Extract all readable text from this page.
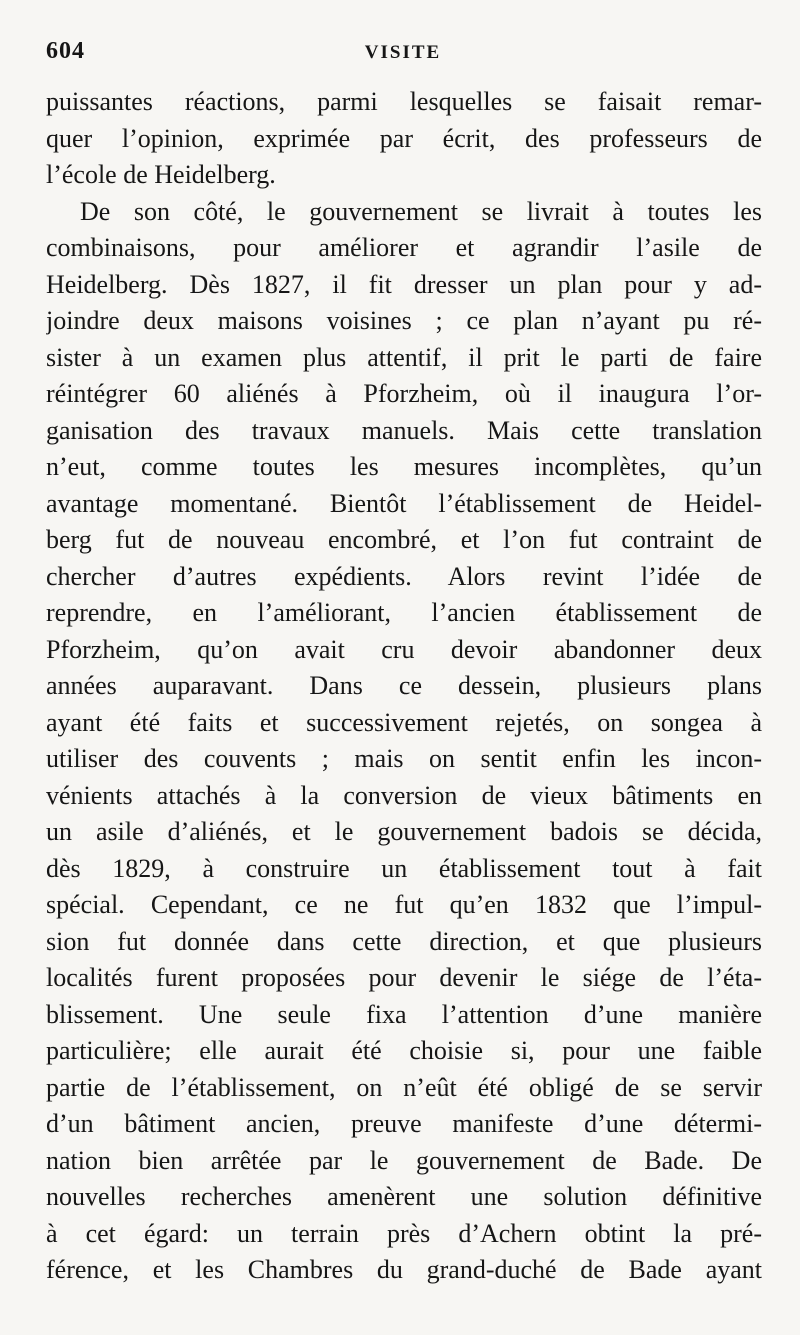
604	VISITE
puissantes réactions, parmi lesquelles se faisait remar-
quer l’opinion, exprimée par écrit, des professeurs de
l’école de Heidelberg.
De son côté, le gouvernement se livrait à toutes les
combinaisons, pour améliorer et agrandir l’asile de
Heidelberg. Dès 1827, il fit dresser un plan pour y ad-
joindre deux maisons voisines ; ce plan n’ayant pu ré-
sister à un examen plus attentif, il prit le parti de faire
réintégrer 60 aliénés à Pforzheim, où il inaugura l’or-
ganisation des travaux manuels. Mais cette translation
n’eut, comme toutes les mesures incomplètes, qu’un
avantage momentané. Bientôt l’établissement de Heidel-
berg fut de nouveau encombré, et l’on fut contraint de
chercher d’autres expédients. Alors revint l’idée de
reprendre, en l’améliorant, l’ancien établissement de
Pforzheim, qu’on avait cru devoir abandonner deux
années auparavant. Dans ce dessein, plusieurs plans
ayant été faits et successivement rejetés, on songea à
utiliser des couvents ; mais on sentit enfin les incon-
vénients attachés à la conversion de vieux bâtiments en
un asile d’aliénés, et le gouvernement badois se décida,
dès 1829, à construire un établissement tout à fait
spécial. Cependant, ce ne fut qu’en 1832 que l’impul-
sion fut donnée dans cette direction, et que plusieurs
localités furent proposées pour devenir le siége de l’éta-
blissement. Une seule fixa l’attention d’une manière
particulière; elle aurait été choisie si, pour une faible
partie de l’établissement, on n’eût été obligé de se servir
d’un bâtiment ancien, preuve manifeste d’une détermi-
nation bien arrêtée par le gouvernement de Bade. De
nouvelles recherches amenèrent une solution définitive
à cet égard: un terrain près d’Achern obtint la pré-
férence, et les Chambres du grand-duché de Bade ayant
